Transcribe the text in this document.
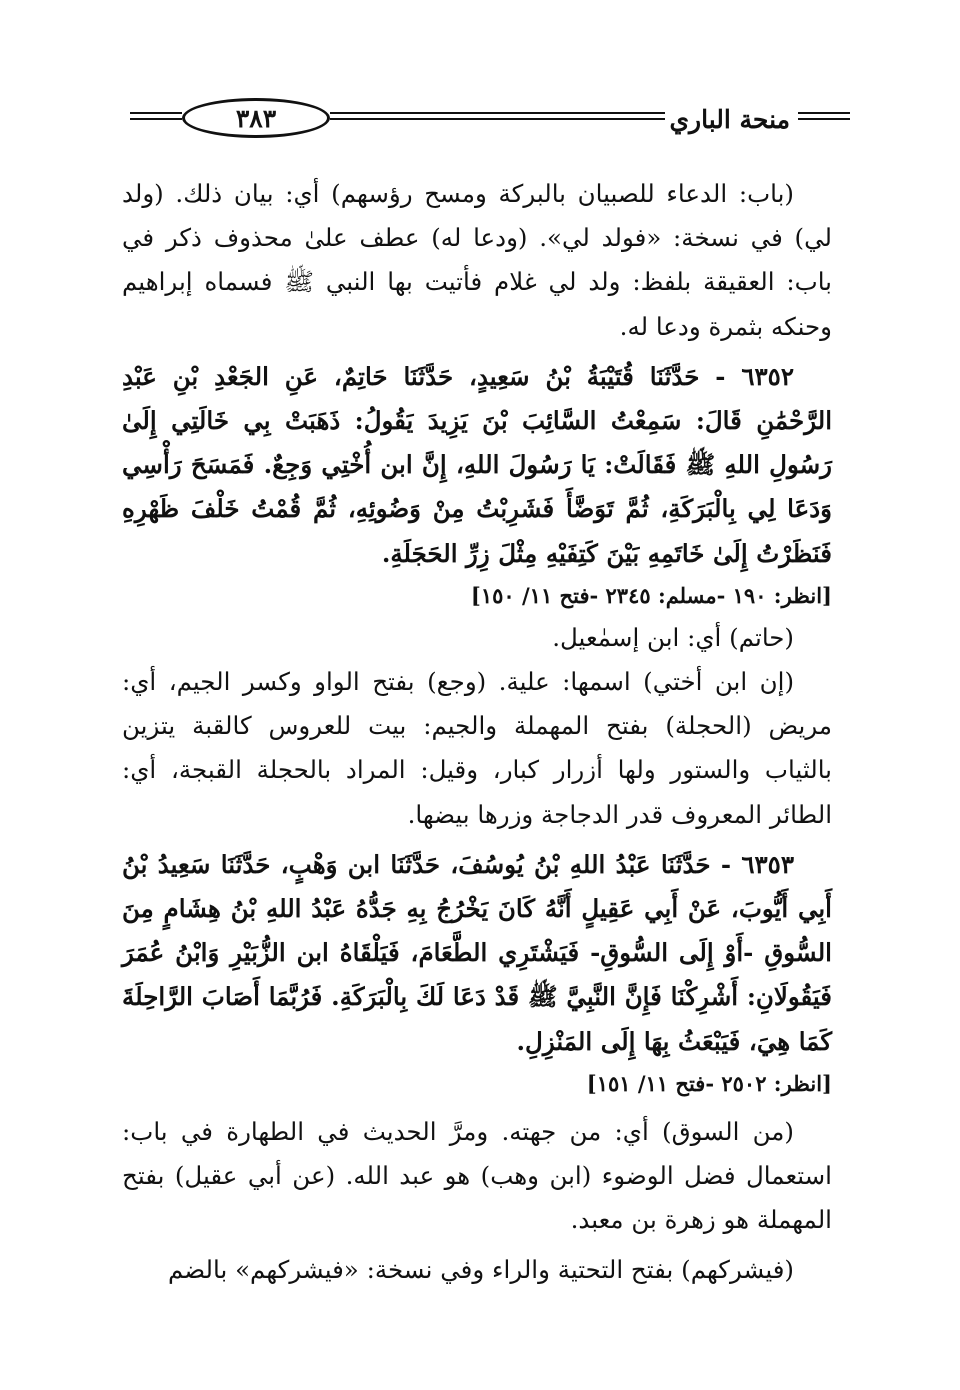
منحة الباري
٣٨٣

(باب: الدعاء للصبيان بالبركة ومسح رؤسهم) أي: بيان ذلك. (ولد لي) في نسخة: «فولد لي». (ودعا له) عطف علىٰ محذوف ذكر في باب: العقيقة بلفظ: ولد لي غلام فأتيت بها النبي ﷺ فسماه إبراهيم وحنكه بثمرة ودعا له.

٦٣٥٢ - حَدَّثَنَا قُتَيْبَةُ بْنُ سَعِيدٍ، حَدَّثَنَا حَاتِمٌ، عَنِ الجَعْدِ بْنِ عَبْدِ الرَّحْمَٰنِ قَالَ: سَمِعْتُ السَّائِبَ بْنَ يَزِيدَ يَقُولُ: ذَهَبَتْ بِي خَالَتِي إِلَىٰ رَسُولِ اللهِ ﷺ فَقَالَتْ: يَا رَسُولَ اللهِ، إِنَّ ابن أُخْتِي وَجِعٌ. فَمَسَحَ رَأْسِي وَدَعَا لِي بِالْبَرَكَةِ، ثُمَّ تَوَضَّأَ فَشَرِبْتُ مِنْ وَضُوئِهِ، ثُمَّ قُمْتُ خَلْفَ ظَهْرِهِ فَنَظَرْتُ إِلَىٰ خَاتَمِهِ بَيْنَ كَتِفَيْهِ مِثْلَ زِرِّ الحَجَلَةِ.

[انظر: ١٩٠ -مسلم: ٢٣٤٥ -فتح ١١/ ١٥٠]

(حاتم) أي: ابن إسمٰعيل.

(إن ابن أختي) اسمها: علية. (وجع) بفتح الواو وكسر الجيم، أي: مريض (الحجلة) بفتح المهملة والجيم: بيت للعروس كالقبة يتزين بالثياب والستور ولها أزرار كبار، وقيل: المراد بالحجلة القبجة، أي: الطائر المعروف قدر الدجاجة وزرها بيضها.

٦٣٥٣ - حَدَّثَنَا عَبْدُ اللهِ بْنُ يُوسُفَ، حَدَّثَنَا ابن وَهْبٍ، حَدَّثَنَا سَعِيدُ بْنُ أَبِي أَيُّوبَ، عَنْ أَبِي عَقِيلٍ أَنَّهُ كَانَ يَخْرُجُ بِهِ جَدُّهُ عَبْدُ اللهِ بْنُ هِشَامٍ مِنَ السُّوقِ -أَوْ إِلَى السُّوقِ- فَيَشْتَرِي الطَّعَامَ، فَيَلْقَاهُ ابن الزُّبَيْرِ وَابْنُ عُمَرَ فَيَقُولَانِ: أَشْرِكْنَا فَإِنَّ النَّبِيَّ ﷺ قَدْ دَعَا لَكَ بِالْبَرَكَةِ. فَرُبَّمَا أَصَابَ الرَّاحِلَةَ كَمَا هِيَ، فَيَبْعَثُ بِهَا إِلَى المَنْزِلِ.

[انظر: ٢٥٠٢ -فتح ١١/ ١٥١]

(من السوق) أي: من جهته. ومرَّ الحديث في الطهارة في باب: استعمال فضل الوضوء (ابن وهب) هو عبد الله. (عن أبي عقيل) بفتح المهملة هو زهرة بن معبد.

(فيشركهم) بفتح التحتية والراء وفي نسخة: «فيشركهم» بالضم
